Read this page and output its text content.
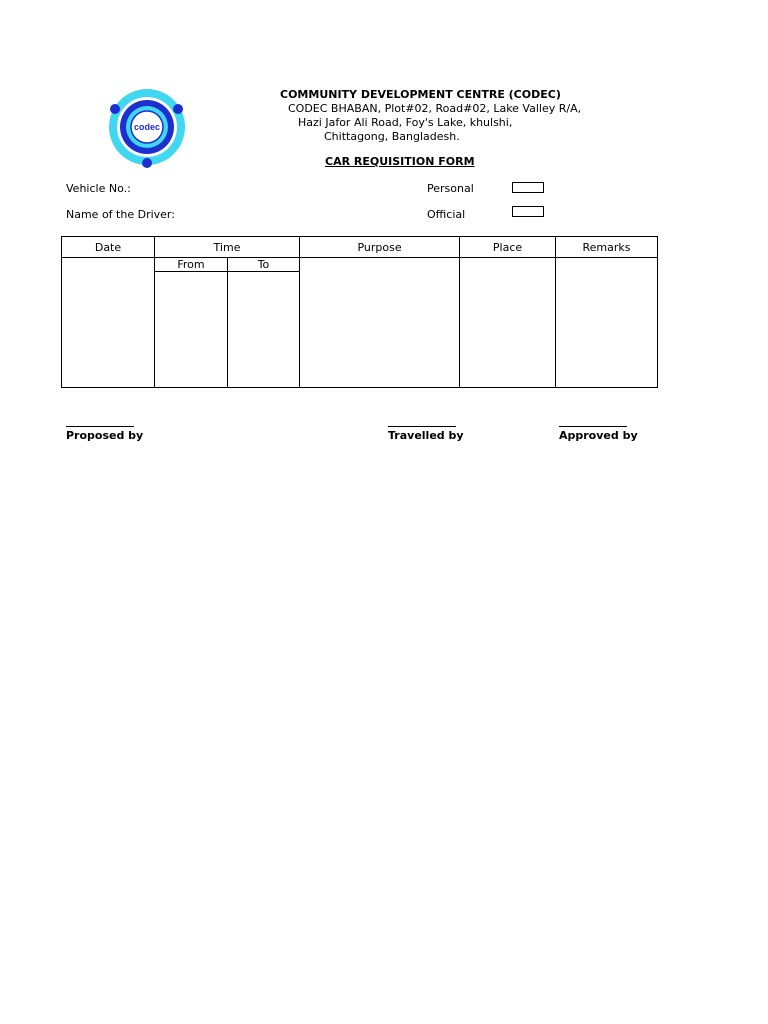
codec
COMMUNITY DEVELOPMENT CENTRE (CODEC)
CODEC BHABAN, Plot#02, Road#02, Lake Valley R/A,
Hazi Jafor Ali Road, Foy's Lake, khulshi,
Chittagong, Bangladesh.
CAR REQUISITION FORM
Vehicle No.:
Name of the Driver:
Personal
Official
Date	Time		Purpose	Place	Remarks
	From	To			

Proposed by	Travelled by	Approved by
